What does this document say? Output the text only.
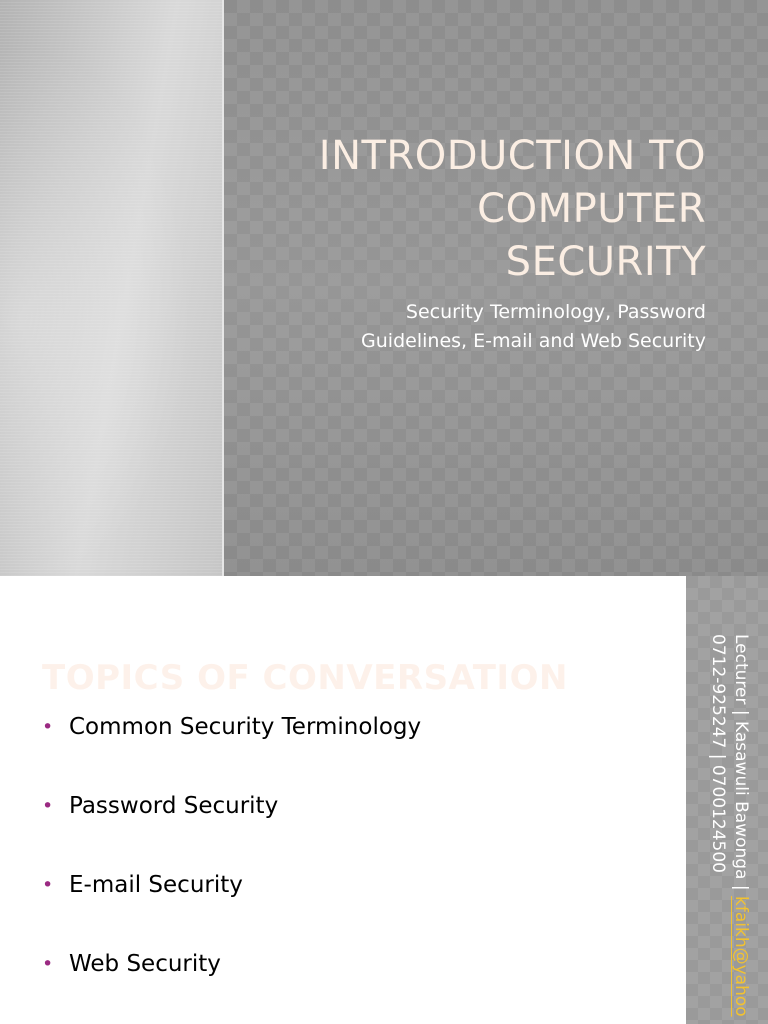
INTRODUCTION TO
COMPUTER
SECURITY

Security Terminology, Password
Guidelines, E-mail and Web Security

TOPICS OF CONVERSATION
• Common Security Terminology
• Password Security
• E-mail Security
• Web Security
Lecturer | Kasawuli Bawonga | kfaikh@yahoo
0712-925247 | 0700124500
